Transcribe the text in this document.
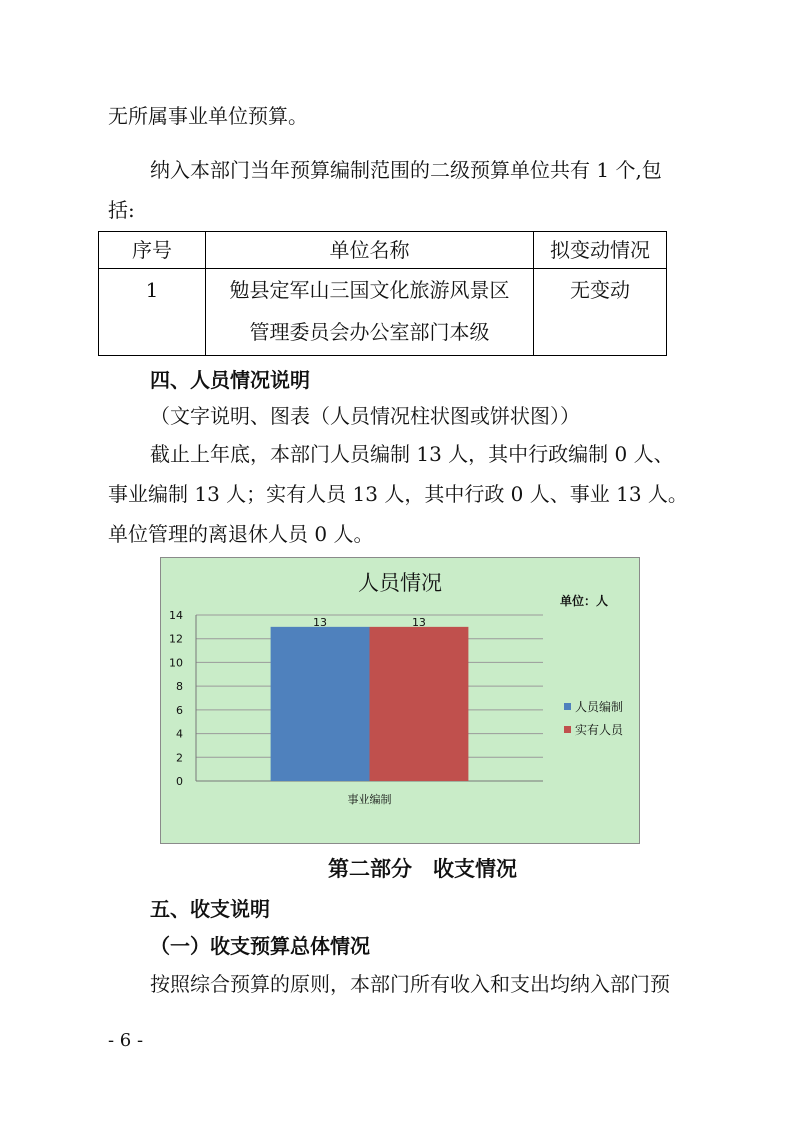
无所属事业单位预算。
纳入本部门当年预算编制范围的二级预算单位共有 1 个,包
括:
序号	单位名称	拟变动情况
1	勉县定军山三国文化旅游风景区
管理委员会办公室部门本级	无变动
四、人员情况说明
（文字说明、图表（人员情况柱状图或饼状图））
截止上年底，本部门人员编制 13 人，其中行政编制 0 人、
事业编制 13 人；实有人员 13 人，其中行政 0 人、事业 13 人。
单位管理的离退休人员 0 人。
人员情况
单位：人
0
2
4
6
8
10
12
14
13	13
事业编制
人员编制
实有人员
第二部分　收支情况
五、收支说明
（一）收支预算总体情况
按照综合预算的原则，本部门所有收入和支出均纳入部门预
- 6 -
